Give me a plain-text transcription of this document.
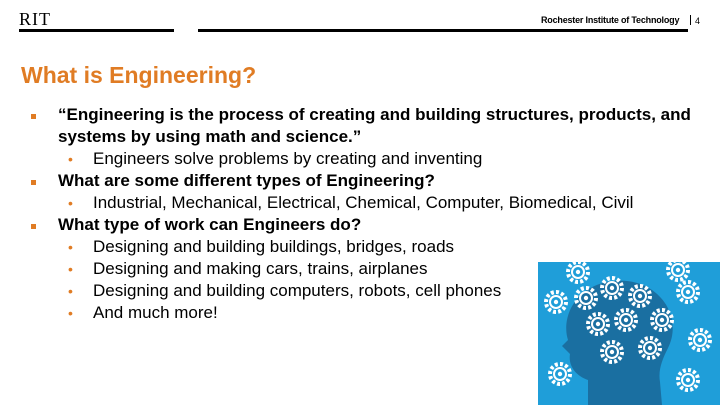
RIT	Rochester Institute of Technology	4
What is Engineering?
“Engineering is the process of creating and building structures, products, and systems by using math and science.”
• Engineers solve problems by creating and inventing
What are some different types of Engineering?
• Industrial, Mechanical, Electrical, Chemical, Computer, Biomedical, Civil
What type of work can Engineers do?
• Designing and building buildings, bridges, roads
• Designing and making cars, trains, airplanes
• Designing and building computers, robots, cell phones
• And much more!
